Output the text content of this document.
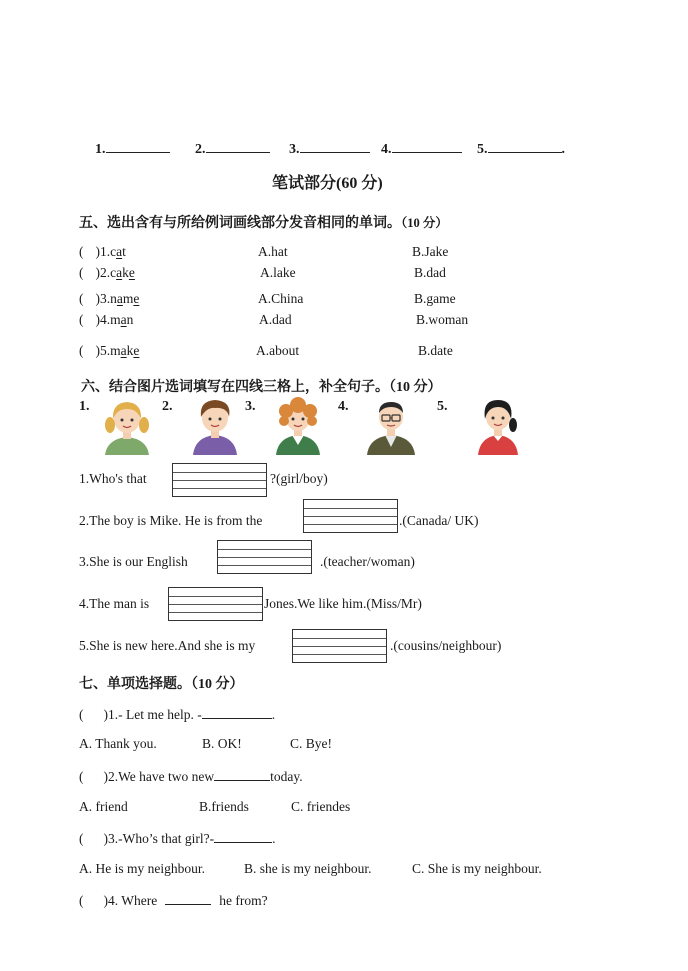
1.	2.	3.	4.	5.	.
笔试部分(60 分)
五、选出含有与所给例词画线部分发音相同的单词。（10 分）
( )1.cat	A.hat	B.Jake
( )2.cake	A.lake	B.dad
( )3.name	A.China	B.game
( )4.man	A.dad	B.woman
( )5.make	A.about	B.date
六、结合图片选词填写在四线三格上，补全句子。（10 分）
1.	2.	3.	4.	5.
1.Who's that	?(girl/boy)
2.The boy is Mike. He is from the	.(Canada/ UK)
3.She is our English	.(teacher/woman)
4.The man is	Jones.We like him.(Miss/Mr)
5.She is new here.And she is my	.(cousins/neighbour)
七、单项选择题。（10 分）
( )1.- Let me help. -	.
A. Thank you.	B. OK!	C. Bye!
( )2.We have two new	today.
A. friend	B.friends	C. friendes
( )3.-Who’s that girl?-	.
A. He is my neighbour.	B. she is my neighbour.	C. She is my neighbour.
( )4. Where	he from?
